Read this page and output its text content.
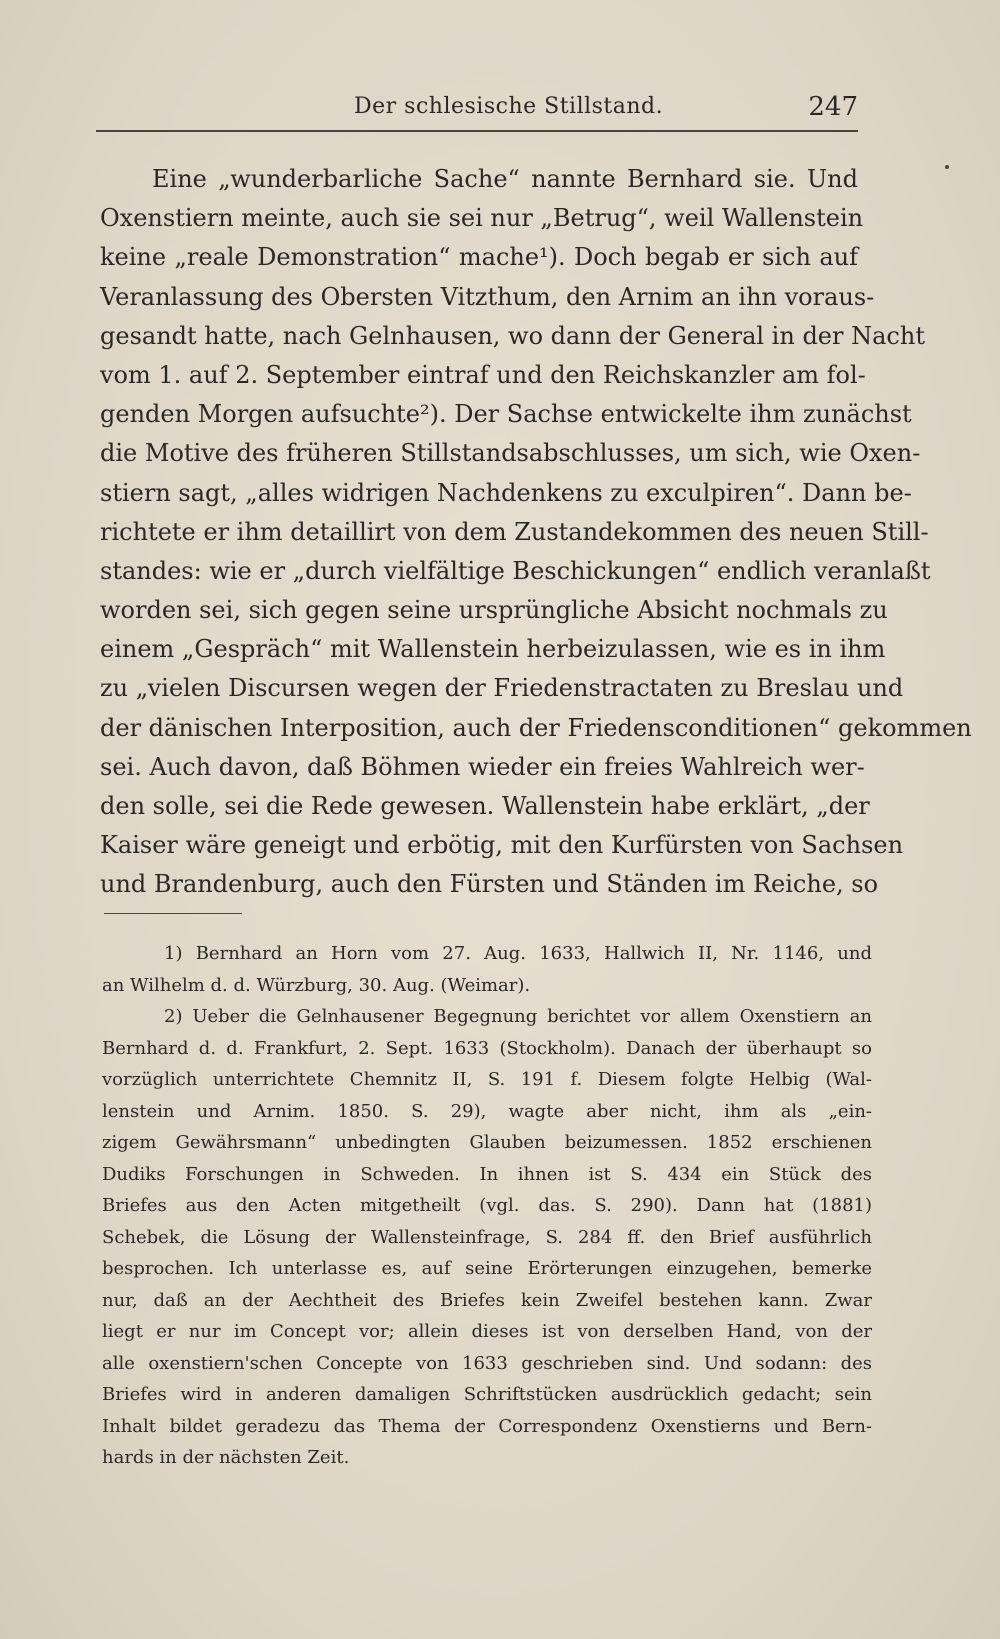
Der schlesische Stillstand.	247
Eine „wunderbarliche Sache“ nannte Bernhard sie. Und
Oxenstiern meinte, auch sie sei nur „Betrug“, weil Wallenstein
keine „reale Demonstration“ mache¹). Doch begab er sich auf
Veranlassung des Obersten Vitzthum, den Arnim an ihn voraus-
gesandt hatte, nach Gelnhausen, wo dann der General in der Nacht
vom 1. auf 2. September eintraf und den Reichskanzler am fol-
genden Morgen aufsuchte²). Der Sachse entwickelte ihm zunächst
die Motive des früheren Stillstandsabschlusses, um sich, wie Oxen-
stiern sagt, „alles widrigen Nachdenkens zu exculpiren“. Dann be-
richtete er ihm detaillirt von dem Zustandekommen des neuen Still-
standes: wie er „durch vielfältige Beschickungen“ endlich veranlaßt
worden sei, sich gegen seine ursprüngliche Absicht nochmals zu
einem „Gespräch“ mit Wallenstein herbeizulassen, wie es in ihm
zu „vielen Discursen wegen der Friedenstractaten zu Breslau und
der dänischen Interposition, auch der Friedensconditionen“ gekommen
sei. Auch davon, daß Böhmen wieder ein freies Wahlreich wer-
den solle, sei die Rede gewesen. Wallenstein habe erklärt, „der
Kaiser wäre geneigt und erbötig, mit den Kurfürsten von Sachsen
und Brandenburg, auch den Fürsten und Ständen im Reiche, so
1) Bernhard an Horn vom 27. Aug. 1633, Hallwich II, Nr. 1146, und
an Wilhelm d. d. Würzburg, 30. Aug. (Weimar).
2) Ueber die Gelnhausener Begegnung berichtet vor allem Oxenstiern an
Bernhard d. d. Frankfurt, 2. Sept. 1633 (Stockholm). Danach der überhaupt so
vorzüglich unterrichtete Chemnitz II, S. 191 f. Diesem folgte Helbig (Wal-
lenstein und Arnim. 1850. S. 29), wagte aber nicht, ihm als „ein-
zigem Gewährsmann“ unbedingten Glauben beizumessen. 1852 erschienen
Dudiks Forschungen in Schweden. In ihnen ist S. 434 ein Stück des
Briefes aus den Acten mitgetheilt (vgl. das. S. 290). Dann hat (1881)
Schebek, die Lösung der Wallensteinfrage, S. 284 ff. den Brief ausführlich
besprochen. Ich unterlasse es, auf seine Erörterungen einzugehen, bemerke
nur, daß an der Aechtheit des Briefes kein Zweifel bestehen kann. Zwar
liegt er nur im Concept vor; allein dieses ist von derselben Hand, von der
alle oxenstiern'schen Concepte von 1633 geschrieben sind. Und sodann: des
Briefes wird in anderen damaligen Schriftstücken ausdrücklich gedacht; sein
Inhalt bildet geradezu das Thema der Correspondenz Oxenstierns und Bern-
hards in der nächsten Zeit.
